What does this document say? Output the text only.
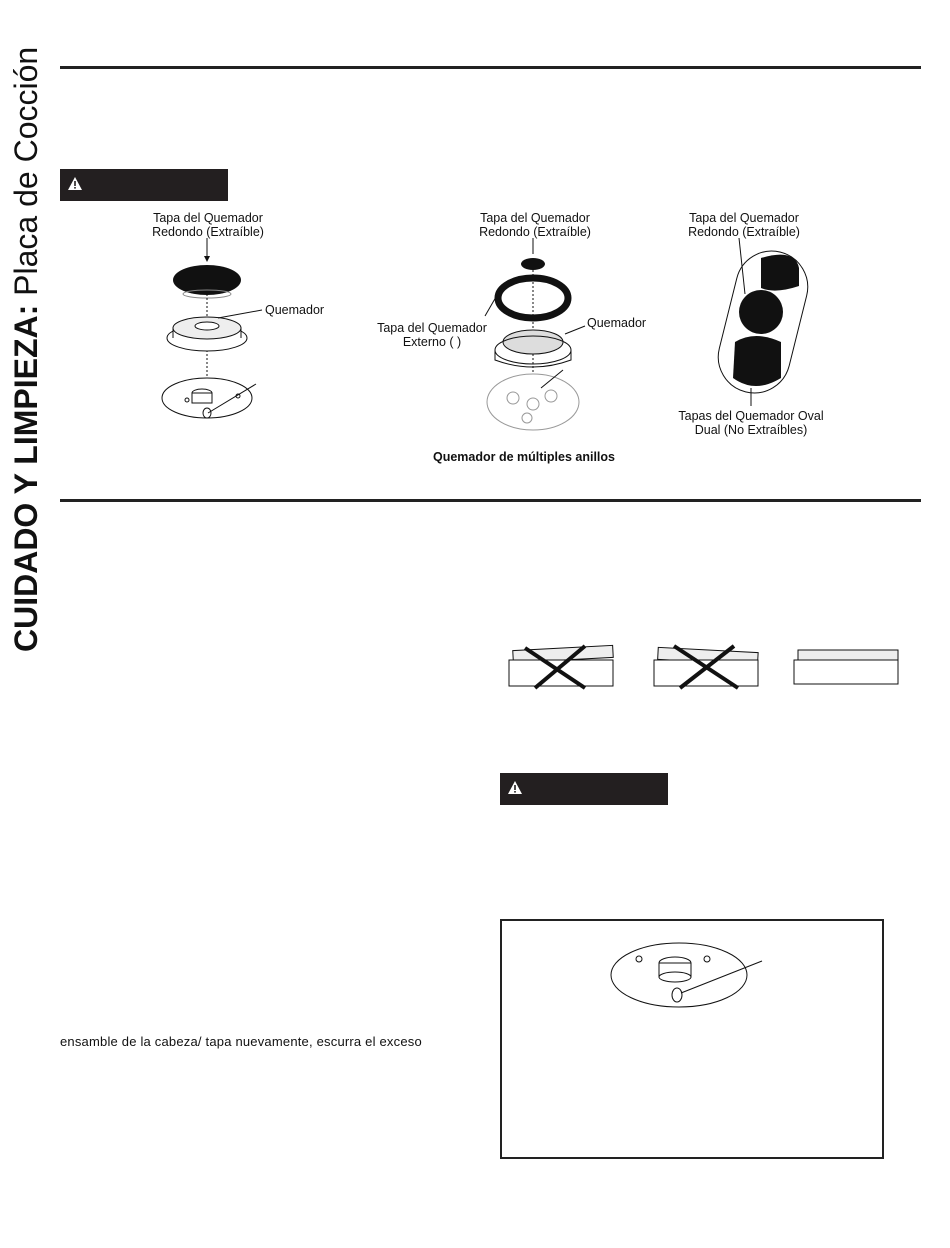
CUIDADO Y LIMPIEZA: Placa de Cocción	Tapa del Quemador
Redondo (Extraíble)
Quemador
Tapa del Quemador
Redondo (Extraíble)
Tapa del Quemador
Externo ( )
Quemador
Quemador de múltiples anillos
Tapa del Quemador
Redondo (Extraíble)
Tapas del Quemador Oval
Dual (No Extraíbles)
ensamble de la cabeza/ tapa nuevamente, escurra el exceso
